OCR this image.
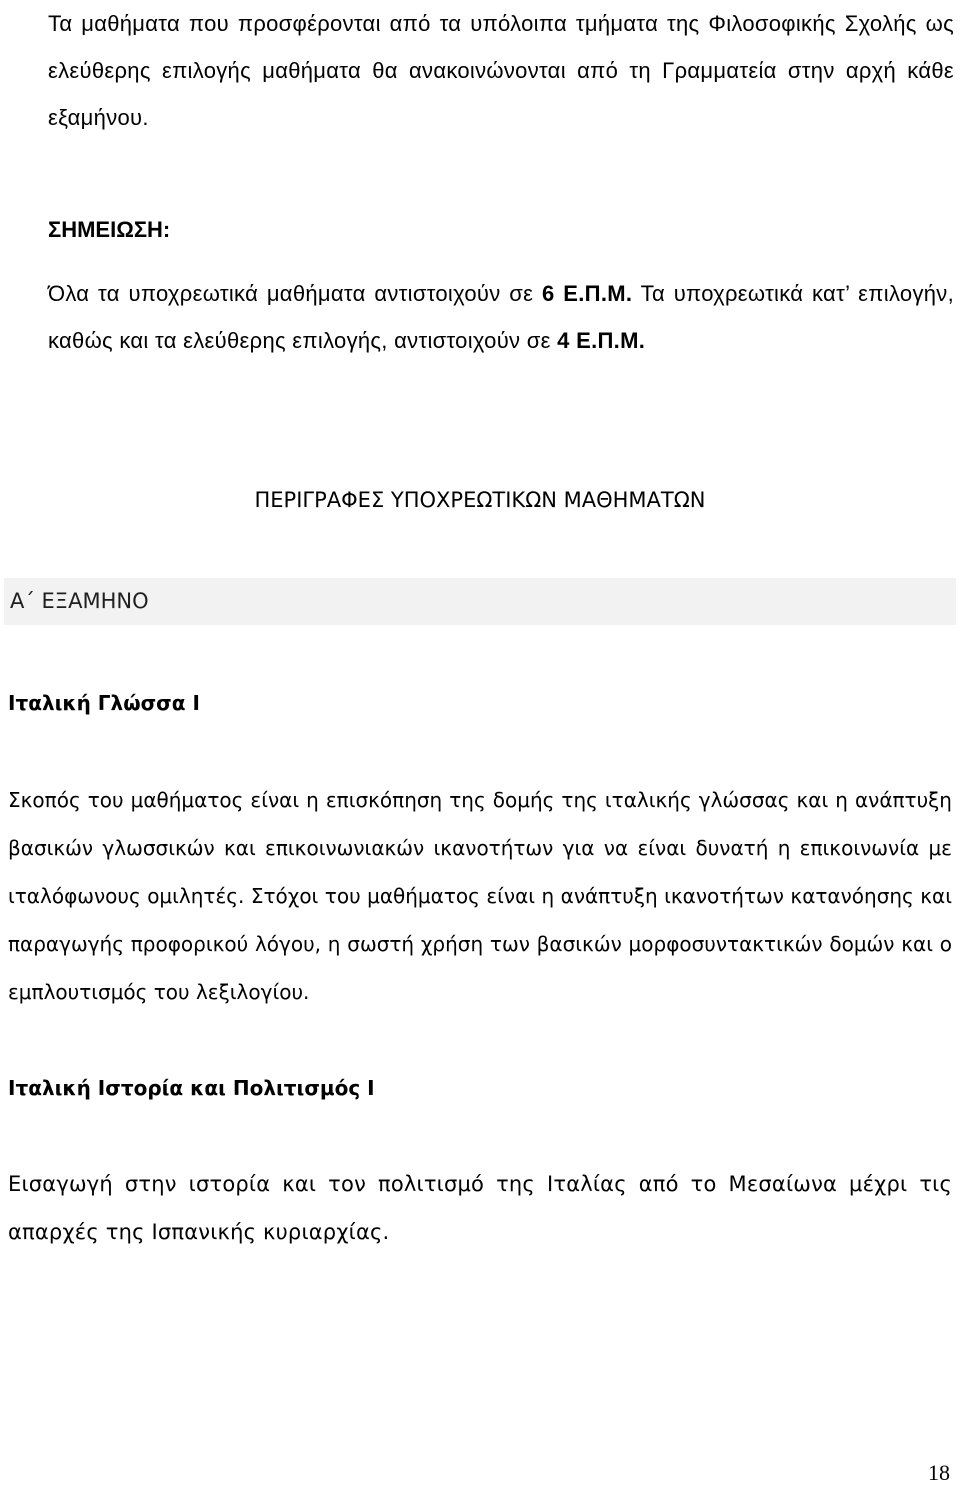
Τα μαθήματα που προσφέρονται από τα υπόλοιπα τμήματα της Φιλοσοφικής Σχολής ως ελεύθερης επιλογής μαθήματα θα ανακοινώνονται από τη Γραμματεία στην αρχή κάθε εξαμήνου.

ΣΗΜΕΙΩΣΗ:

Όλα τα υποχρεωτικά μαθήματα αντιστοιχούν σε 6 Ε.Π.Μ. Τα υποχρεωτικά κατ’ επιλογήν, καθώς και τα ελεύθερης επιλογής, αντιστοιχούν σε 4 Ε.Π.Μ.

ΠΕΡΙΓΡΑΦΕΣ ΥΠΟΧΡΕΩΤΙΚΩΝ ΜΑΘΗΜΑΤΩΝ
Α΄ ΕΞΑΜΗΝΟ
Ιταλική Γλώσσα Ι

Σκοπός του μαθήματος είναι η επισκόπηση της δομής της ιταλικής γλώσσας και η ανάπτυξη βασικών γλωσσικών και επικοινωνιακών ικανοτήτων για να είναι δυνατή η επικοινωνία με ιταλόφωνους ομιλητές. Στόχοι του μαθήματος είναι η ανάπτυξη ικανοτήτων κατανόησης και παραγωγής προφορικού λόγου, η σωστή χρήση των βασικών μορφοσυντακτικών δομών και ο εμπλουτισμός του λεξιλογίου.

Ιταλική Ιστορία και Πολιτισμός Ι

Εισαγωγή στην ιστορία και τον πολιτισμό της Ιταλίας από το Μεσαίωνα μέχρι τις απαρχές της Ισπανικής κυριαρχίας.

18
